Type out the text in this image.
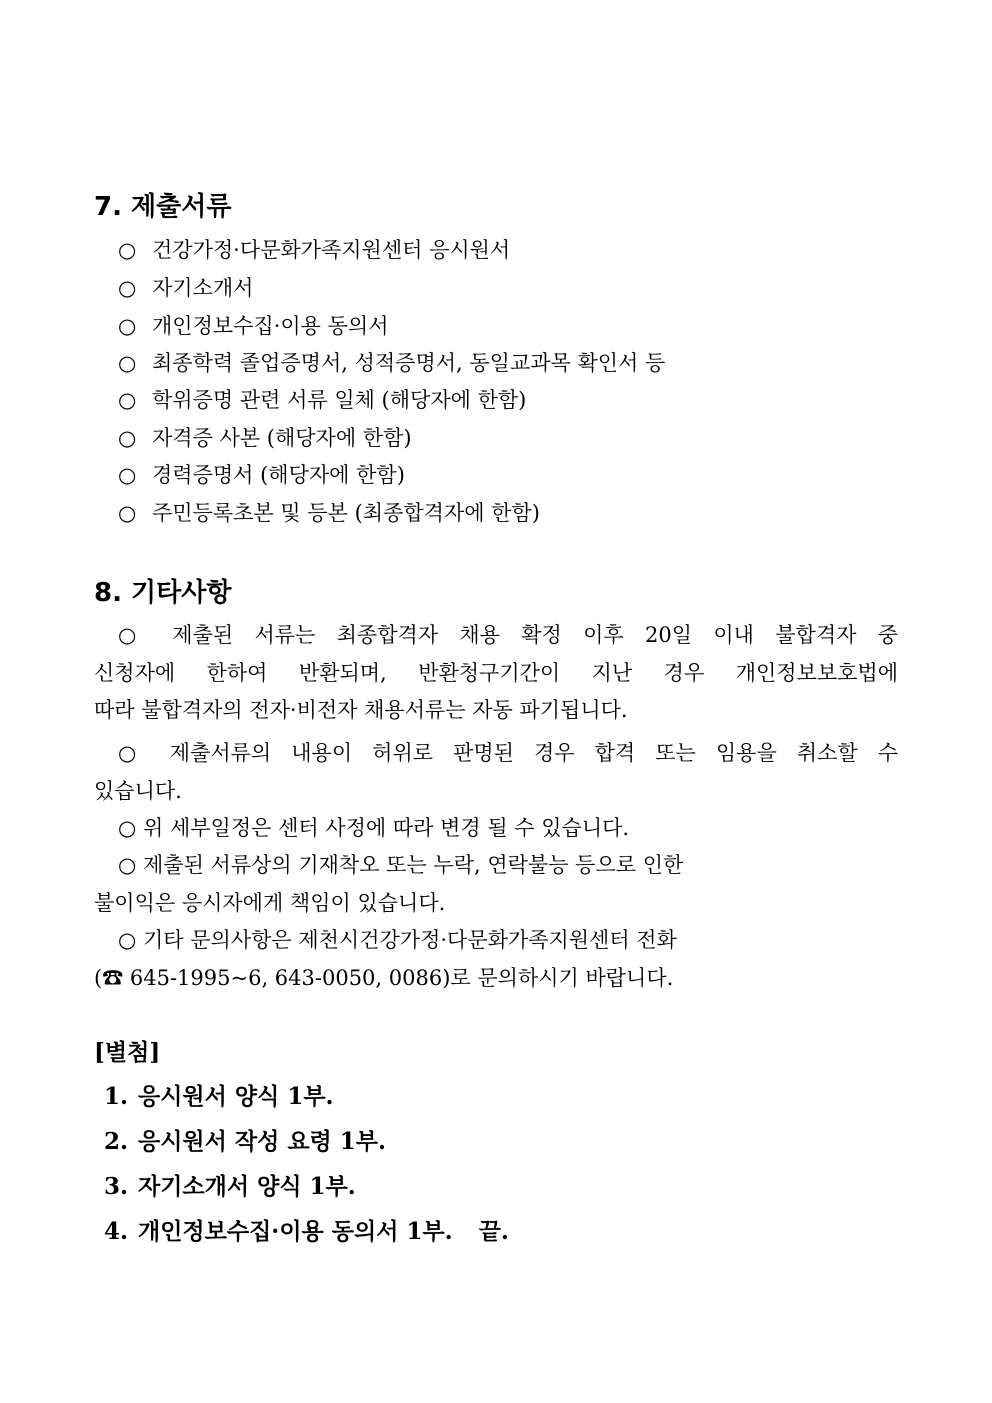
7. 제출서류
○ 건강가정·다문화가족지원센터 응시원서
○ 자기소개서
○ 개인정보수집·이용 동의서
○ 최종학력 졸업증명서, 성적증명서, 동일교과목 확인서 등
○ 학위증명 관련 서류 일체 (해당자에 한함)
○ 자격증 사본 (해당자에 한함)
○ 경력증명서 (해당자에 한함)
○ 주민등록초본 및 등본 (최종합격자에 한함)
8. 기타사항
○ 제출된 서류는 최종합격자 채용 확정 이후 20일 이내 불합격자 중
신청자에 한하여 반환되며, 반환청구기간이 지난 경우 개인정보보호법에
따라 불합격자의 전자·비전자 채용서류는 자동 파기됩니다.
○ 제출서류의 내용이 허위로 판명된 경우 합격 또는 임용을 취소할 수
있습니다.
○ 위 세부일정은 센터 사정에 따라 변경 될 수 있습니다.
○ 제출된 서류상의 기재착오 또는 누락, 연락불능 등으로 인한
불이익은 응시자에게 책임이 있습니다.
○ 기타 문의사항은 제천시건강가정·다문화가족지원센터 전화
(☎ 645-1995~6, 643-0050, 0086)로 문의하시기 바랍니다.
[별첨]
1. 응시원서 양식 1부.
2. 응시원서 작성 요령 1부.
3. 자기소개서 양식 1부.
4. 개인정보수집·이용 동의서 1부. 끝.
